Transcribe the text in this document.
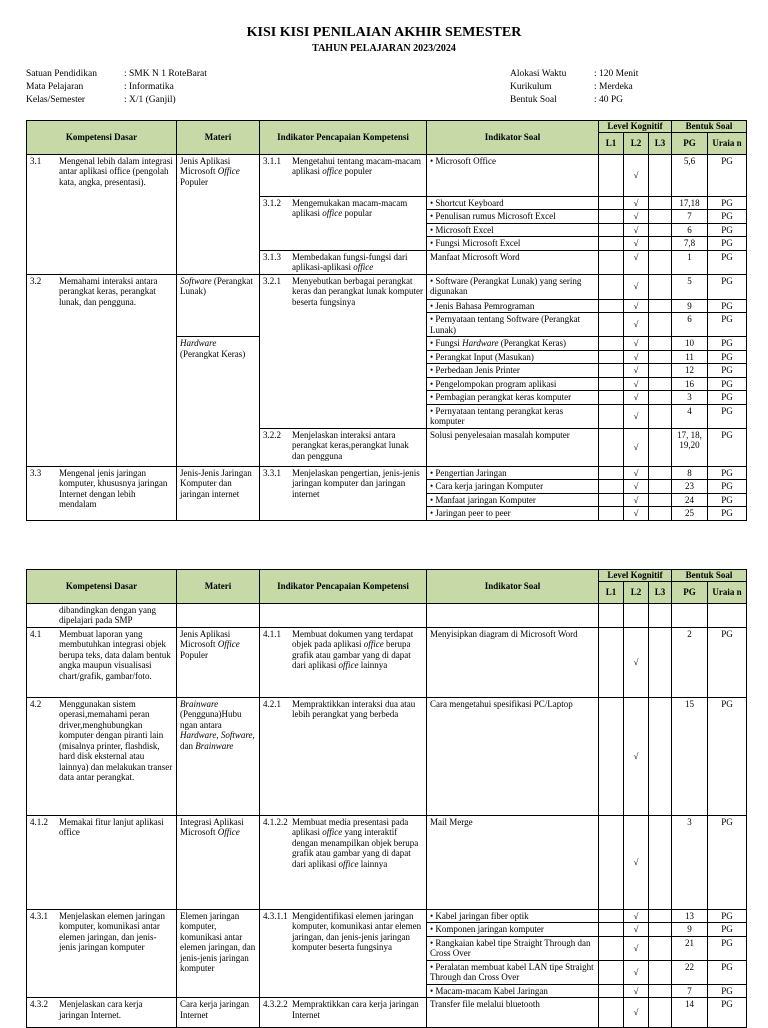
KISI KISI PENILAIAN AKHIR SEMESTER
TAHUN PELAJARAN 2023/2024
Satuan Pendidikan	: SMK N 1 RoteBarat
Mata Pelajaran	: Informatika
Kelas/Semester	: X/1 (Ganjil)
Alokasi Waktu	: 120 Menit
Kurikulum	: Merdeka
Bentuk Soal	: 40 PG
Kompetensi Dasar	Materi	Indikator Pencapaian Kompetensi	Indikator Soal	Level Kognitif			Bentuk Soal	
				L1	L2	L3	PG	Uraia n

3.1 Mengenal lebih dalam integrasi antar aplikasi office (pengolah kata, angka, presentasi).	Jenis Aplikasi Microsoft Office Populer	3.1.1 Mengetahui tentang macam-macam aplikasi office populer	• Microsoft Office		√		5,6	PG

		3.1.2 Mengemukakan macam-macam aplikasi office popular	• Shortcut Keyboard		√		17,18	PG
			• Penulisan rumus Microsoft Excel		√		7	PG
			• Microsoft Excel		√		6	PG
			• Fungsi Microsoft Excel		√		7,8	PG

		3.1.3 Membedakan fungsi-fungsi dari aplikasi-aplikasi office	Manfaat Microsoft Word		√		1	PG

3.2 Memahami interaksi antara perangkat keras, perangkat lunak, dan pengguna.	Software (Perangkat Lunak)	3.2.1 Menyebutkan berbagai perangkat keras dan perangkat lunak komputer beserta fungsinya	• Software (Perangkat Lunak) yang sering digunakan		√		5	PG
			• Jenis Bahasa Pemrograman		√		9	PG
			• Pernyataan tentang Software (Perangkat Lunak)		√		6	PG
	Hardware (Perangkat Keras)		• Fungsi Hardware (Perangkat Keras)		√		10	PG
			• Perangkat Input (Masukan)		√		11	PG
			• Perbedaan Jenis Printer		√		12	PG
			• Pengelompokan program aplikasi		√		16	PG
			• Pembagian perangkat keras komputer		√		3	PG
			• Pernyataan tentang perangkat keras komputer		√		4	PG

		3.2.2 Menjelaskan interaksi antara perangkat keras,perangkat lunak dan pengguna	Solusi penyelesaian masalah komputer		√		17, 18, 19,20	PG

3.3 Mengenal jenis jaringan komputer, khususnya jaringan Internet dengan lebih mendalam	Jenis-Jenis Jaringan Komputer dan jaringan internet	3.3.1 Menjelaskan pengertian, jenis-jenis jaringan komputer dan jaringan internet	• Pengertian Jaringan		√		8	PG
			• Cara kerja jaringan Komputer		√		23	PG
			• Manfaat jaringan Komputer		√		24	PG
			• Jaringan peer to peer		√		25	PG
Kompetensi Dasar	Materi	Indikator Pencapaian Kompetensi	Indikator Soal	Level Kognitif			Bentuk Soal	
				L1	L2	L3	PG	Uraia n

dibandingkan dengan yang dipelajari pada SMP								

4.1 Membuat laporan yang membutuhkan integrasi objek berupa teks, data dalam bentuk angka maupun visualisasi chart/grafik, gambar/foto.	Jenis Aplikasi Microsoft Office Populer	4.1.1 Membuat dokumen yang terdapat objek pada aplikasi office berupa grafik atau gambar yang di dapat dari aplikasi office lainnya	Menyisipkan diagram di Microsoft Word		√		2	PG

4.2 Menggunakan sistem operasi,memahami peran driver,menghubungkan komputer dengan piranti lain (misalnya printer, flashdisk, hard disk eksternal atau lainnya) dan melakukan transer data antar perangkat.	Brainware (Pengguna)Hubu ngan antara Hardware, Software, dan Brainware	4.2.1 Mempraktikkan interaksi dua atau lebih perangkat yang berbeda	Cara mengetahui spesifikasi PC/Laptop		√		15	PG

4.1.2 Memakai fitur lanjut aplikasi office	Integrasi Aplikasi Microsoft Office	4.1.2.2 Membuat media presentasi pada aplikasi office yang interaktif dengan menampilkan objek berupa grafik atau gambar yang di dapat dari aplikasi office lainnya	Mail Merge		√		3	PG

4.3.1 Menjelaskan elemen jaringan komputer, komunikasi antar elemen jaringan, dan jenis-jenis jaringan komputer	Elemen jaringan komputer, komunikasi antar elemen jaringan, dan jenis-jenis jaringan komputer	4.3.1.1 Mengidentifikasi elemen jaringan komputer, komunikasi antar elemen jaringan, dan jenis-jenis jaringan komputer beserta fungsinya	• Kabel jaringan fiber optik		√		13	PG
			• Komponen jaringan komputer		√		9	PG
			• Rangkaian kabel tipe Straight Through dan Cross Over		√		21	PG
			• Peralatan membuat kabel LAN tipe Straight Through dan Cross Over		√		22	PG
			• Macam-macam Kabel Jaringan		√		7	PG

4.3.2 Menjelaskan cara kerja jaringan Internet.	Cara kerja jaringan Internet	4.3.2.2 Mempraktikkan cara kerja jaringan Internet	Transfer file melalui bluetooth		√		14	PG
